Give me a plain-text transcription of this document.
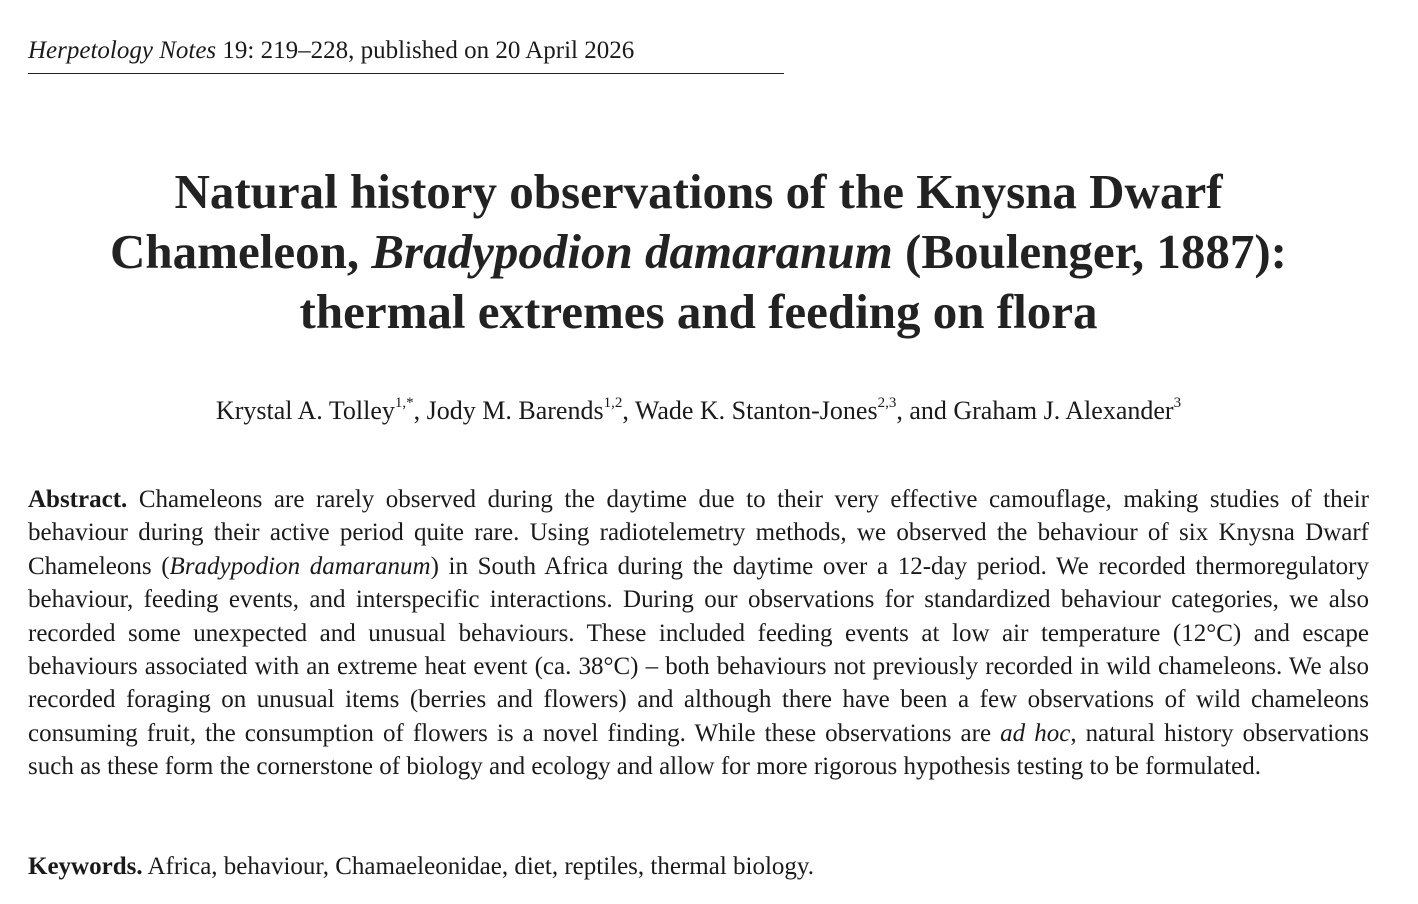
Herpetology Notes 19: 219–228, published on 20 April 2026
Natural history observations of the Knysna Dwarf
Chameleon, Bradypodion damaranum (Boulenger, 1887):
thermal extremes and feeding on flora
Krystal A. Tolley$^{1,*}$, Jody M. Barends$^{1,2}$, Wade K. Stanton-Jones$^{2,3}$, and Graham J. Alexander$^3$

Abstract. Chameleons are rarely observed during the daytime due to their very effective camouflage, making studies of their behaviour during their active period quite rare. Using radiotelemetry methods, we observed the behaviour of six Knysna Dwarf Chameleons (Bradypodion damaranum) in South Africa during the daytime over a 12-day period. We recorded thermoregulatory behaviour, feeding events, and interspecific interactions. During our observations for standardized behaviour categories, we also recorded some unexpected and unusual behaviours. These included feeding events at low air temperature (12°C) and escape behaviours associated with an extreme heat event (ca. 38°C) – both behaviours not previously recorded in wild chameleons. We also recorded foraging on unusual items (berries and flowers) and although there have been a few observations of wild chameleons consuming fruit, the consumption of flowers is a novel finding. While these observations are ad hoc, natural history observations such as these form the cornerstone of biology and ecology and allow for more rigorous hypothesis testing to be formulated.

Keywords. Africa, behaviour, Chamaeleonidae, diet, reptiles, thermal biology.
